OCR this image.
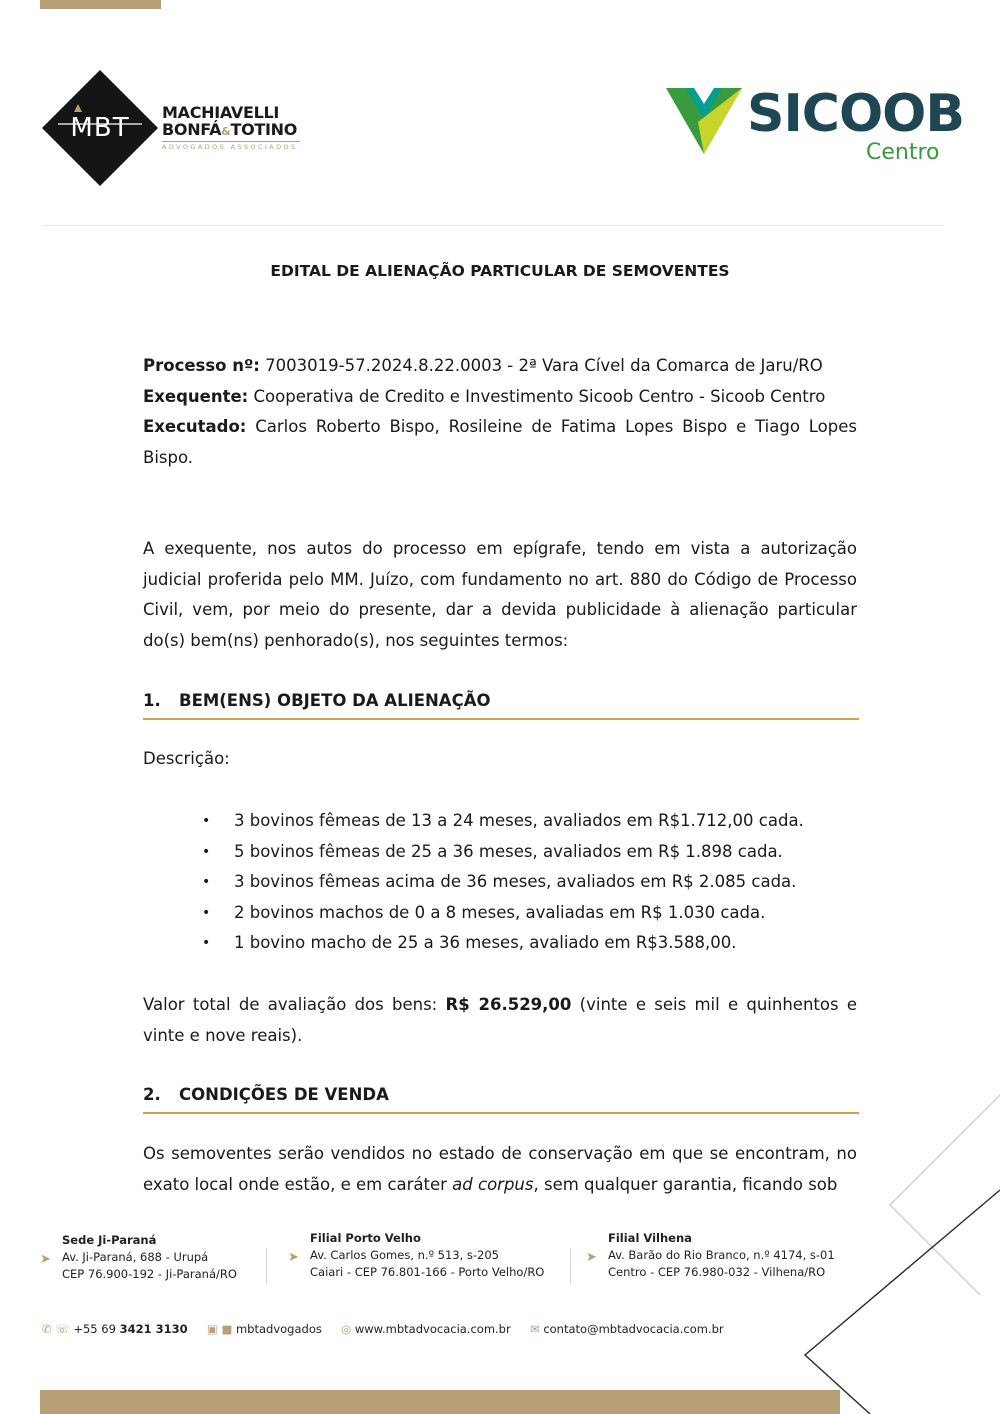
MBT
MACHIAVELLI
BONFÁ&TOTINO
ADVOGADOS ASSOCIADOS
SICOOB
Centro
EDITAL DE ALIENAÇÃO PARTICULAR DE SEMOVENTES

Processo nº: 7003019-57.2024.8.22.0003 - 2ª Vara Cível da Comarca de Jaru/RO

Exequente: Cooperativa de Credito e Investimento Sicoob Centro - Sicoob Centro

Executado: Carlos Roberto Bispo, Rosileine de Fatima Lopes Bispo e Tiago Lopes Bispo.

A exequente, nos autos do processo em epígrafe, tendo em vista a autorização judicial proferida pelo MM. Juízo, com fundamento no art. 880 do Código de Processo Civil, vem, por meio do presente, dar a devida publicidade à alienação particular do(s) bem(ns) penhorado(s), nos seguintes termos:

1. BEM(ENS) OBJETO DA ALIENAÇÃO
Descrição:
• 3 bovinos fêmeas de 13 a 24 meses, avaliados em R$1.712,00 cada.
• 5 bovinos fêmeas de 25 a 36 meses, avaliados em R$ 1.898 cada.
• 3 bovinos fêmeas acima de 36 meses, avaliados em R$ 2.085 cada.
• 2 bovinos machos de 0 a 8 meses, avaliadas em R$ 1.030 cada.
• 1 bovino macho de 25 a 36 meses, avaliado em R$3.588,00.

Valor total de avaliação dos bens: R$ 26.529,00 (vinte e seis mil e quinhentos e vinte e nove reais).

2. CONDIÇÕES DE VENDA

Os semoventes serão vendidos no estado de conservação em que se encontram, no exato local onde estão, e em caráter ad corpus, sem qualquer garantia, ficando sob

➤
Sede Ji-Paraná
Av. Ji-Paraná, 688 - Urupá
CEP 76.900-192 - Ji-Paraná/RO
➤
Filial Porto Velho
Av. Carlos Gomes, n.º 513, s-205
Caiari - CEP 76.801-166 - Porto Velho/RO
➤
Filial Vilhena
Av. Barão do Rio Branco, n.º 4174, s-01
Centro - CEP 76.980-032 - Vilhena/RO
✆ ☏ +55 69 3421 3130 ▣ ■ mbtadvogados ◎ www.mbtadvocacia.com.br ✉ contato@mbtadvocacia.com.br
